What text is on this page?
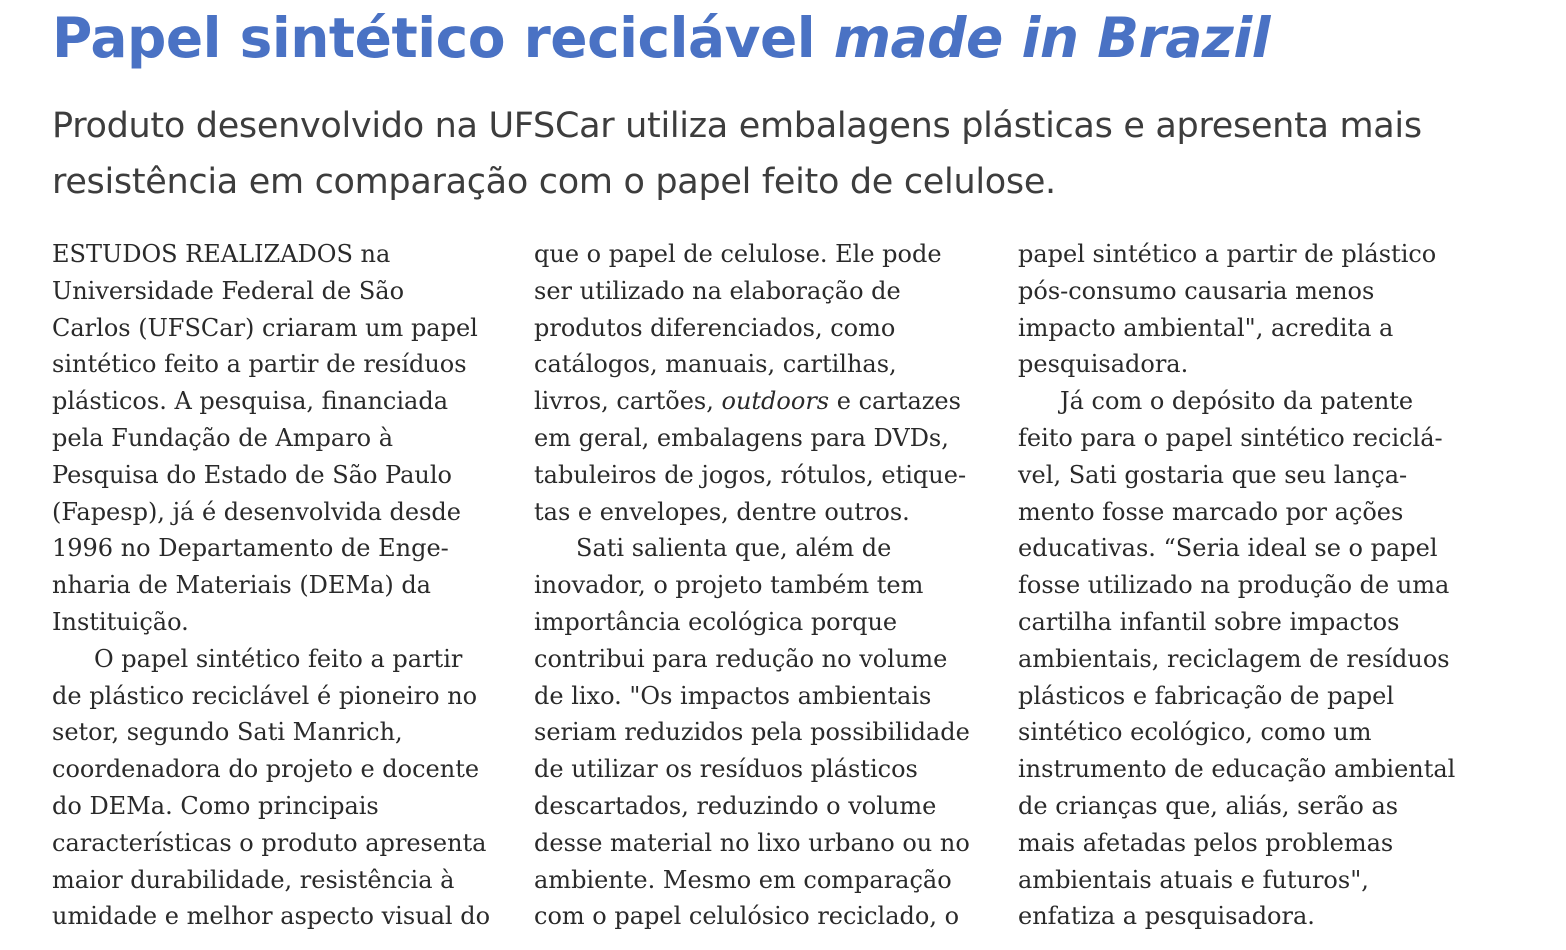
Papel sintético reciclável made in Brazil
Produto desenvolvido na UFSCar utiliza embalagens plásticas e apresenta mais
resistência em comparação com o papel feito de celulose.
ESTUDOS REALIZADOS na
Universidade Federal de São
Carlos (UFSCar) criaram um papel
sintético feito a partir de resíduos
plásticos. A pesquisa, financiada
pela Fundação de Amparo à
Pesquisa do Estado de São Paulo
(Fapesp), já é desenvolvida desde
1996 no Departamento de Enge-
nharia de Materiais (DEMa) da
Instituição.
O papel sintético feito a partir
de plástico reciclável é pioneiro no
setor, segundo Sati Manrich,
coordenadora do projeto e docente
do DEMa. Como principais
características o produto apresenta
maior durabilidade, resistência à
umidade e melhor aspecto visual do
que o papel de celulose. Ele pode
ser utilizado na elaboração de
produtos diferenciados, como
catálogos, manuais, cartilhas,
livros, cartões, outdoors e cartazes
em geral, embalagens para DVDs,
tabuleiros de jogos, rótulos, etique-
tas e envelopes, dentre outros.
Sati salienta que, além de
inovador, o projeto também tem
importância ecológica porque
contribui para redução no volume
de lixo. "Os impactos ambientais
seriam reduzidos pela possibilidade
de utilizar os resíduos plásticos
descartados, reduzindo o volume
desse material no lixo urbano ou no
ambiente. Mesmo em comparação
com o papel celulósico reciclado, o
papel sintético a partir de plástico
pós-consumo causaria menos
impacto ambiental", acredita a
pesquisadora.
Já com o depósito da patente
feito para o papel sintético reciclá-
vel, Sati gostaria que seu lança-
mento fosse marcado por ações
educativas. “Seria ideal se o papel
fosse utilizado na produção de uma
cartilha infantil sobre impactos
ambientais, reciclagem de resíduos
plásticos e fabricação de papel
sintético ecológico, como um
instrumento de educação ambiental
de crianças que, aliás, serão as
mais afetadas pelos problemas
ambientais atuais e futuros",
enfatiza a pesquisadora.
